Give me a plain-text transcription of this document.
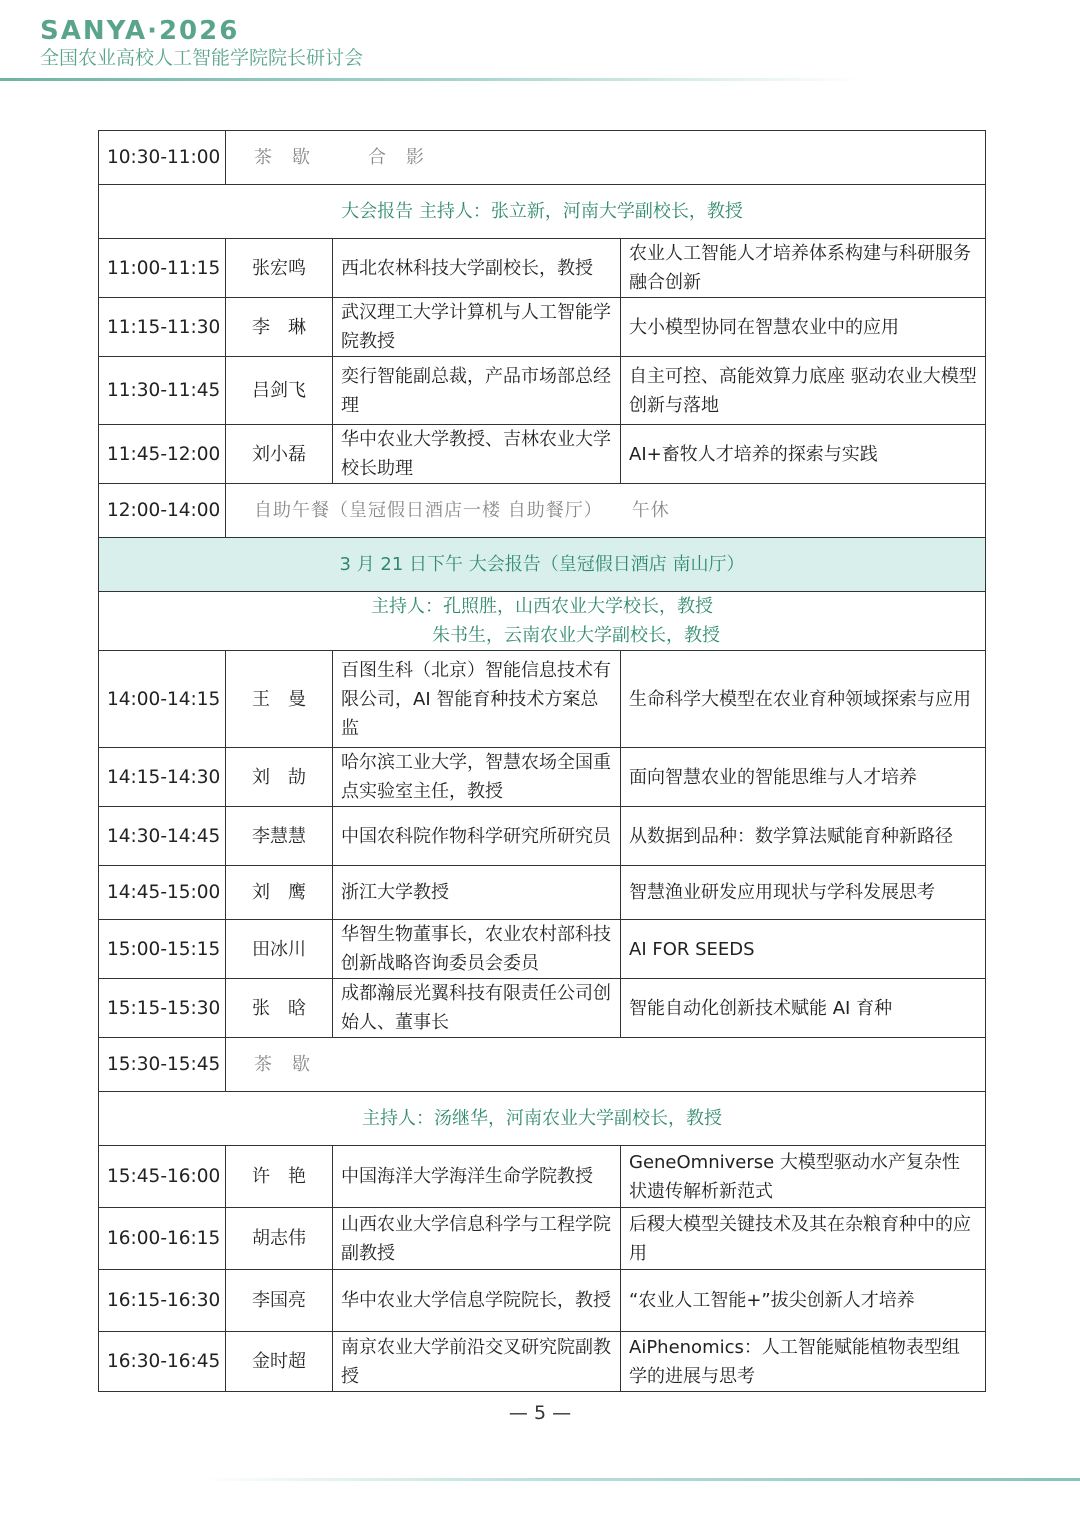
SANYA·2026
全国农业高校人工智能学院院长研讨会
10:30-11:00	茶　歇　　　合　影		
大会报告 主持人：张立新，河南大学副校长，教授			
11:00-11:15	张宏鸣	西北农林科技大学副校长，教授	农业人工智能人才培养体系构建与科研服务融合创新
11:15-11:30	李　琳	武汉理工大学计算机与人工智能学院教授	大小模型协同在智慧农业中的应用
11:30-11:45	吕剑飞	奕行智能副总裁，产品市场部总经理	自主可控、高能效算力底座 驱动农业大模型创新与落地
11:45-12:00	刘小磊	华中农业大学教授、吉林农业大学校长助理	AI+畜牧人才培养的探索与实践
12:00-14:00	自助午餐（皇冠假日酒店一楼 自助餐厅）　　午休		
3 月 21 日下午 大会报告（皇冠假日酒店 南山厅）			

主持人：孔照胜，山西农业大学校长，教授
朱书生，云南农业大学副校长，教授			

14:00-14:15	王　曼	百图生科（北京）智能信息技术有限公司，AI 智能育种技术方案总监	生命科学大模型在农业育种领域探索与应用
14:15-14:30	刘　劼	哈尔滨工业大学，智慧农场全国重点实验室主任，教授	面向智慧农业的智能思维与人才培养
14:30-14:45	李慧慧	中国农科院作物科学研究所研究员	从数据到品种：数学算法赋能育种新路径
14:45-15:00	刘　鹰	浙江大学教授	智慧渔业研发应用现状与学科发展思考
15:00-15:15	田冰川	华智生物董事长，农业农村部科技创新战略咨询委员会委员	AI FOR SEEDS
15:15-15:30	张　晗	成都瀚辰光翼科技有限责任公司创始人、董事长	智能自动化创新技术赋能 AI 育种
15:30-15:45	茶　歇		
主持人：汤继华，河南农业大学副校长，教授			
15:45-16:00	许　艳	中国海洋大学海洋生命学院教授	GeneOmniverse 大模型驱动水产复杂性状遗传解析新范式
16:00-16:15	胡志伟	山西农业大学信息科学与工程学院副教授	后稷大模型关键技术及其在杂粮育种中的应用
16:15-16:30	李国亮	华中农业大学信息学院院长，教授	“农业人工智能+”拔尖创新人才培养
16:30-16:45	金时超	南京农业大学前沿交叉研究院副教授	AiPhenomics：人工智能赋能植物表型组学的进展与思考
— 5 —
